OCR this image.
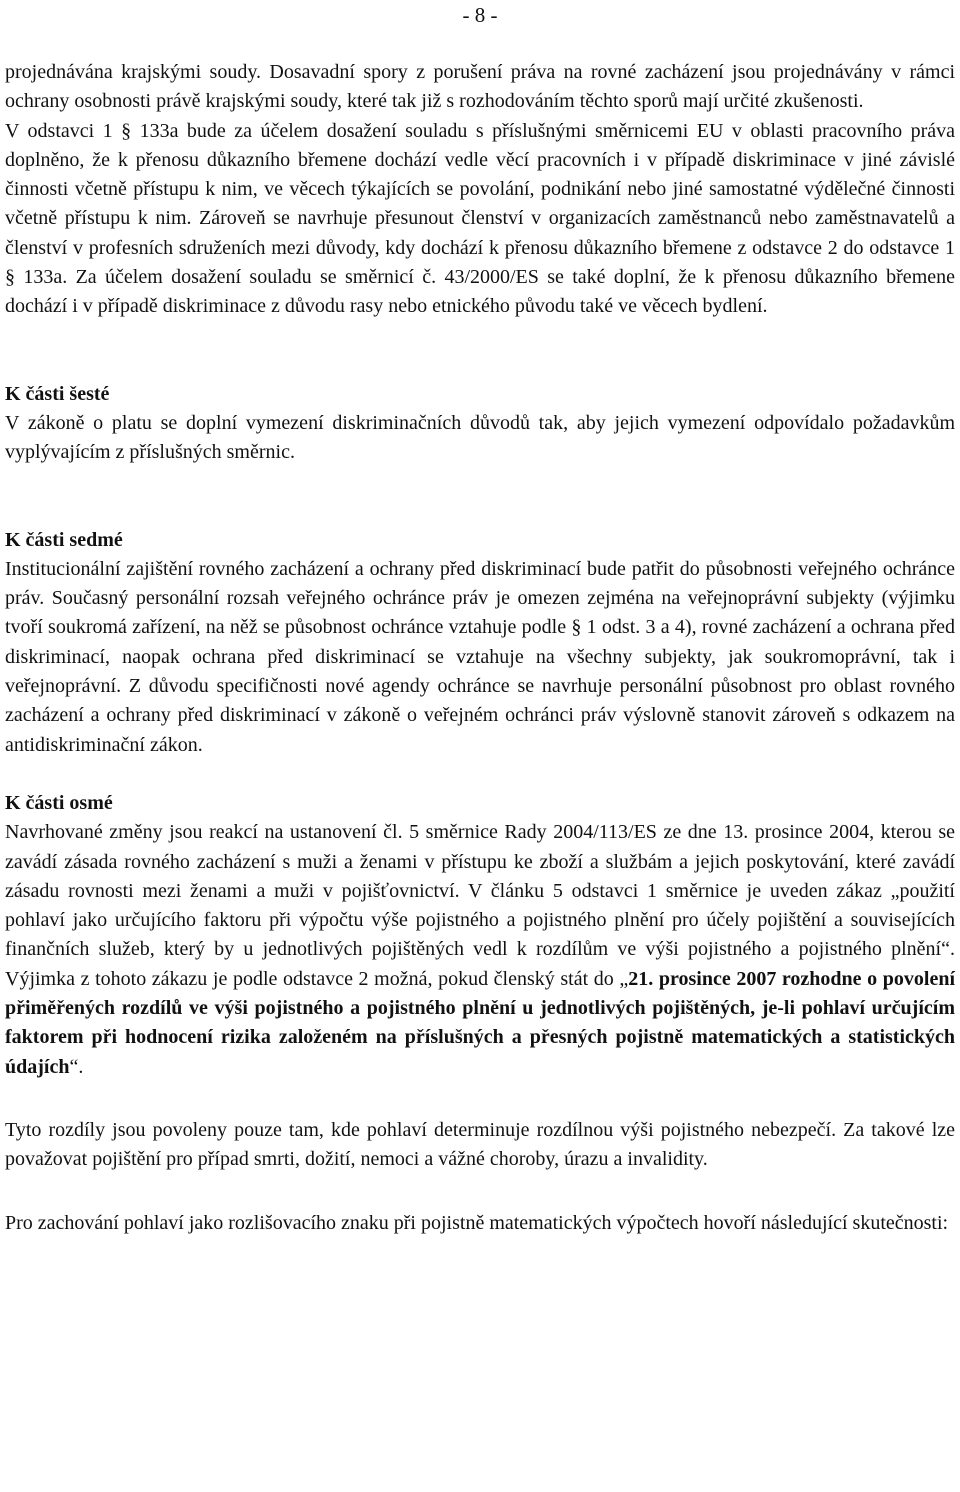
- 8 -

projednávána krajskými soudy. Dosavadní spory z porušení práva na rovné zacházení jsou projednávány v rámci ochrany osobnosti právě krajskými soudy, které tak již s rozhodováním těchto sporů mají určité zkušenosti.

V odstavci 1 § 133a bude za účelem dosažení souladu s příslušnými směrnicemi EU v oblasti pracovního práva doplněno, že k přenosu důkazního břemene dochází vedle věcí pracovních i v případě diskriminace v jiné závislé činnosti včetně přístupu k nim, ve věcech týkajících se povolání, podnikání nebo jiné samostatné výdělečné činnosti včetně přístupu k nim. Zároveň se navrhuje přesunout členství v organizacích zaměstnanců nebo zaměstnavatelů a členství v profesních sdruženích mezi důvody, kdy dochází k přenosu důkazního břemene z odstavce 2 do odstavce 1 § 133a. Za účelem dosažení souladu se směrnicí č. 43/2000/ES se také doplní, že k přenosu důkazního břemene dochází i v případě diskriminace z důvodu rasy nebo etnického původu také ve věcech bydlení.

K části šesté

V zákoně o platu se doplní vymezení diskriminačních důvodů tak, aby jejich vymezení odpovídalo požadavkům vyplývajícím z příslušných směrnic.

K části sedmé

Institucionální zajištění rovného zacházení a ochrany před diskriminací bude patřit do působnosti veřejného ochránce práv. Současný personální rozsah veřejného ochránce práv je omezen zejména na veřejnoprávní subjekty (výjimku tvoří soukromá zařízení, na něž se působnost ochránce vztahuje podle § 1 odst. 3 a 4), rovné zacházení a ochrana před diskriminací, naopak ochrana před diskriminací se vztahuje na všechny subjekty, jak soukromoprávní, tak i veřejnoprávní. Z důvodu specifičnosti nové agendy ochránce se navrhuje personální působnost pro oblast rovného zacházení a ochrany před diskriminací v zákoně o veřejném ochránci práv výslovně stanovit zároveň s odkazem na antidiskriminační zákon.

K části osmé

Navrhované změny jsou reakcí na ustanovení čl. 5 směrnice Rady 2004/113/ES ze dne 13. prosince 2004, kterou se zavádí zásada rovného zacházení s muži a ženami v přístupu ke zboží a službám a jejich poskytování, které zavádí zásadu rovnosti mezi ženami a muži v pojišťovnictví. V článku 5 odstavci 1 směrnice je uveden zákaz „použití pohlaví jako určujícího faktoru při výpočtu výše pojistného a pojistného plnění pro účely pojištění a souvisejících finančních služeb, který by u jednotlivých pojištěných vedl k rozdílům ve výši pojistného a pojistného plnění“. Výjimka z tohoto zákazu je podle odstavce 2 možná, pokud členský stát do „21. prosince 2007 rozhodne o povolení přiměřených rozdílů ve výši pojistného a pojistného plnění u jednotlivých pojištěných, je-li pohlaví určujícím faktorem při hodnocení rizika založeném na příslušných a přesných pojistně matematických a statistických údajích“.

Tyto rozdíly jsou povoleny pouze tam, kde pohlaví determinuje rozdílnou výši pojistného nebezpečí. Za takové lze považovat pojištění pro případ smrti, dožití, nemoci a vážné choroby, úrazu a invalidity.

Pro zachování pohlaví jako rozlišovacího znaku při pojistně matematických výpočtech hovoří následující skutečnosti:
